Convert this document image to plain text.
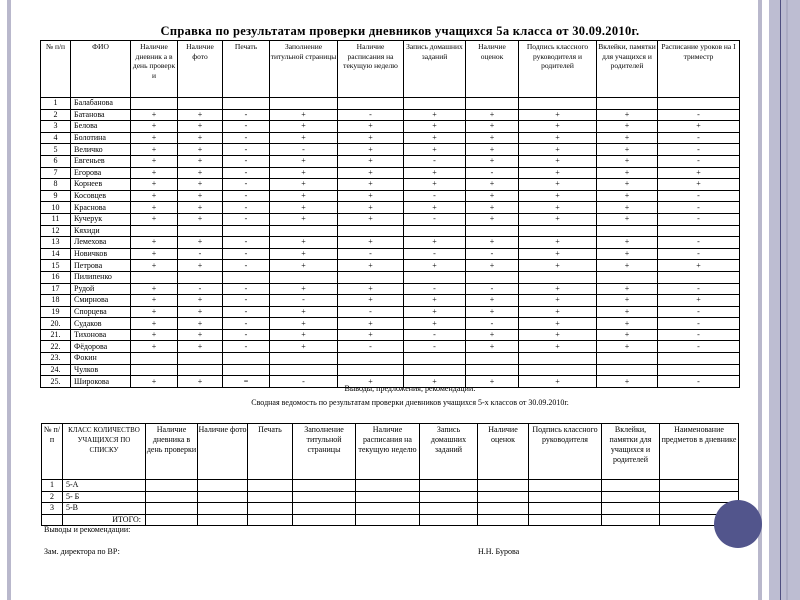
Справка по результатам проверки дневников учащихся 5а класса от 30.09.2010г.
№ п/п	ФИО	Наличие дневник а в день проверк и	Наличие фото	Печать	Заполнение титульной страницы	Наличие расписания на текущую неделю	Запись домашних заданий	Наличие оценок	Подпись классного руководителя и родителей	Вклейки, памятки для учащихся и родителей	Расписание уроков на I триместр
1	Балабанова										
2	Батанова	+	+	-	+	-	+	+	+	+	-
3	Белова	+	+	-	+	+	+	+	+	+	+
4	Болотина	+	+	-	+	+	+	+	+	+	-
5	Величко	+	+	-	-	+	+	+	+	+	-
6	Евгеньев	+	+	-	+	+	-	+	+	+	-
7	Егорова	+	+	-	+	+	+	-	+	+	+
8	Корнеев	+	+	-	+	+	+	+	+	+	+
9	Косовцев	+	+	-	+	+	-	+	+	+	-
10	Краснова	+	+	-	+	+	+	+	+	+	-
11	Кучерук	+	+	-	+	+	-	+	+	+	-
12	Кяхиди										
13	Лемехова	+	+	-	+	+	+	+	+	+	-
14	Новичков	+	-	-	+	-	-	-	+	+	-
15	Петрова	+	+	-	+	+	+	+	+	+	+
16	Пилипенко										
17	Рудой	+	-	-	+	+	-	-	+	+	-
18	Смирнова	+	+	-	-	+	+	+	+	+	+
19	Спорцева	+	+	-	+	-	+	+	+	+	-
20.	Судаков	+	+	-	+	+	+	-	+	+	-
21.	Тихонова	+	+	-	+	+	-	+	+	+	-
22.	Фёдорова	+	+	-	+	-	-	+	+	+	-
23.	Фокин										
24.	Чулков										
25.	Широкова	+	+	=	-	+	+	+	+	+	-
Выводы, предложения, рекомендации:
Сводная ведомость по результатам проверки дневников учащихся 5-х классов от 30.09.2010г.
№ п/ п	КЛАСС КОЛИЧЕСТВО УЧАЩИХСЯ ПО СПИСКУ	Наличие дневника в день проверки	Наличие фото	Печать	Заполнение титульной страницы	Наличие расписания на текущую неделю	Запись домашних заданий	Наличие оценок	Подпись классного руководителя	Вклейки, памятки для учащихся и родителей	Наименование предметов в дневнике
1	5-А										
2	5- Б										
3	5-В										
	ИТОГО:										
Выводы и рекомендации:
Зам. директора по ВР:	Н.Н. Бурова
